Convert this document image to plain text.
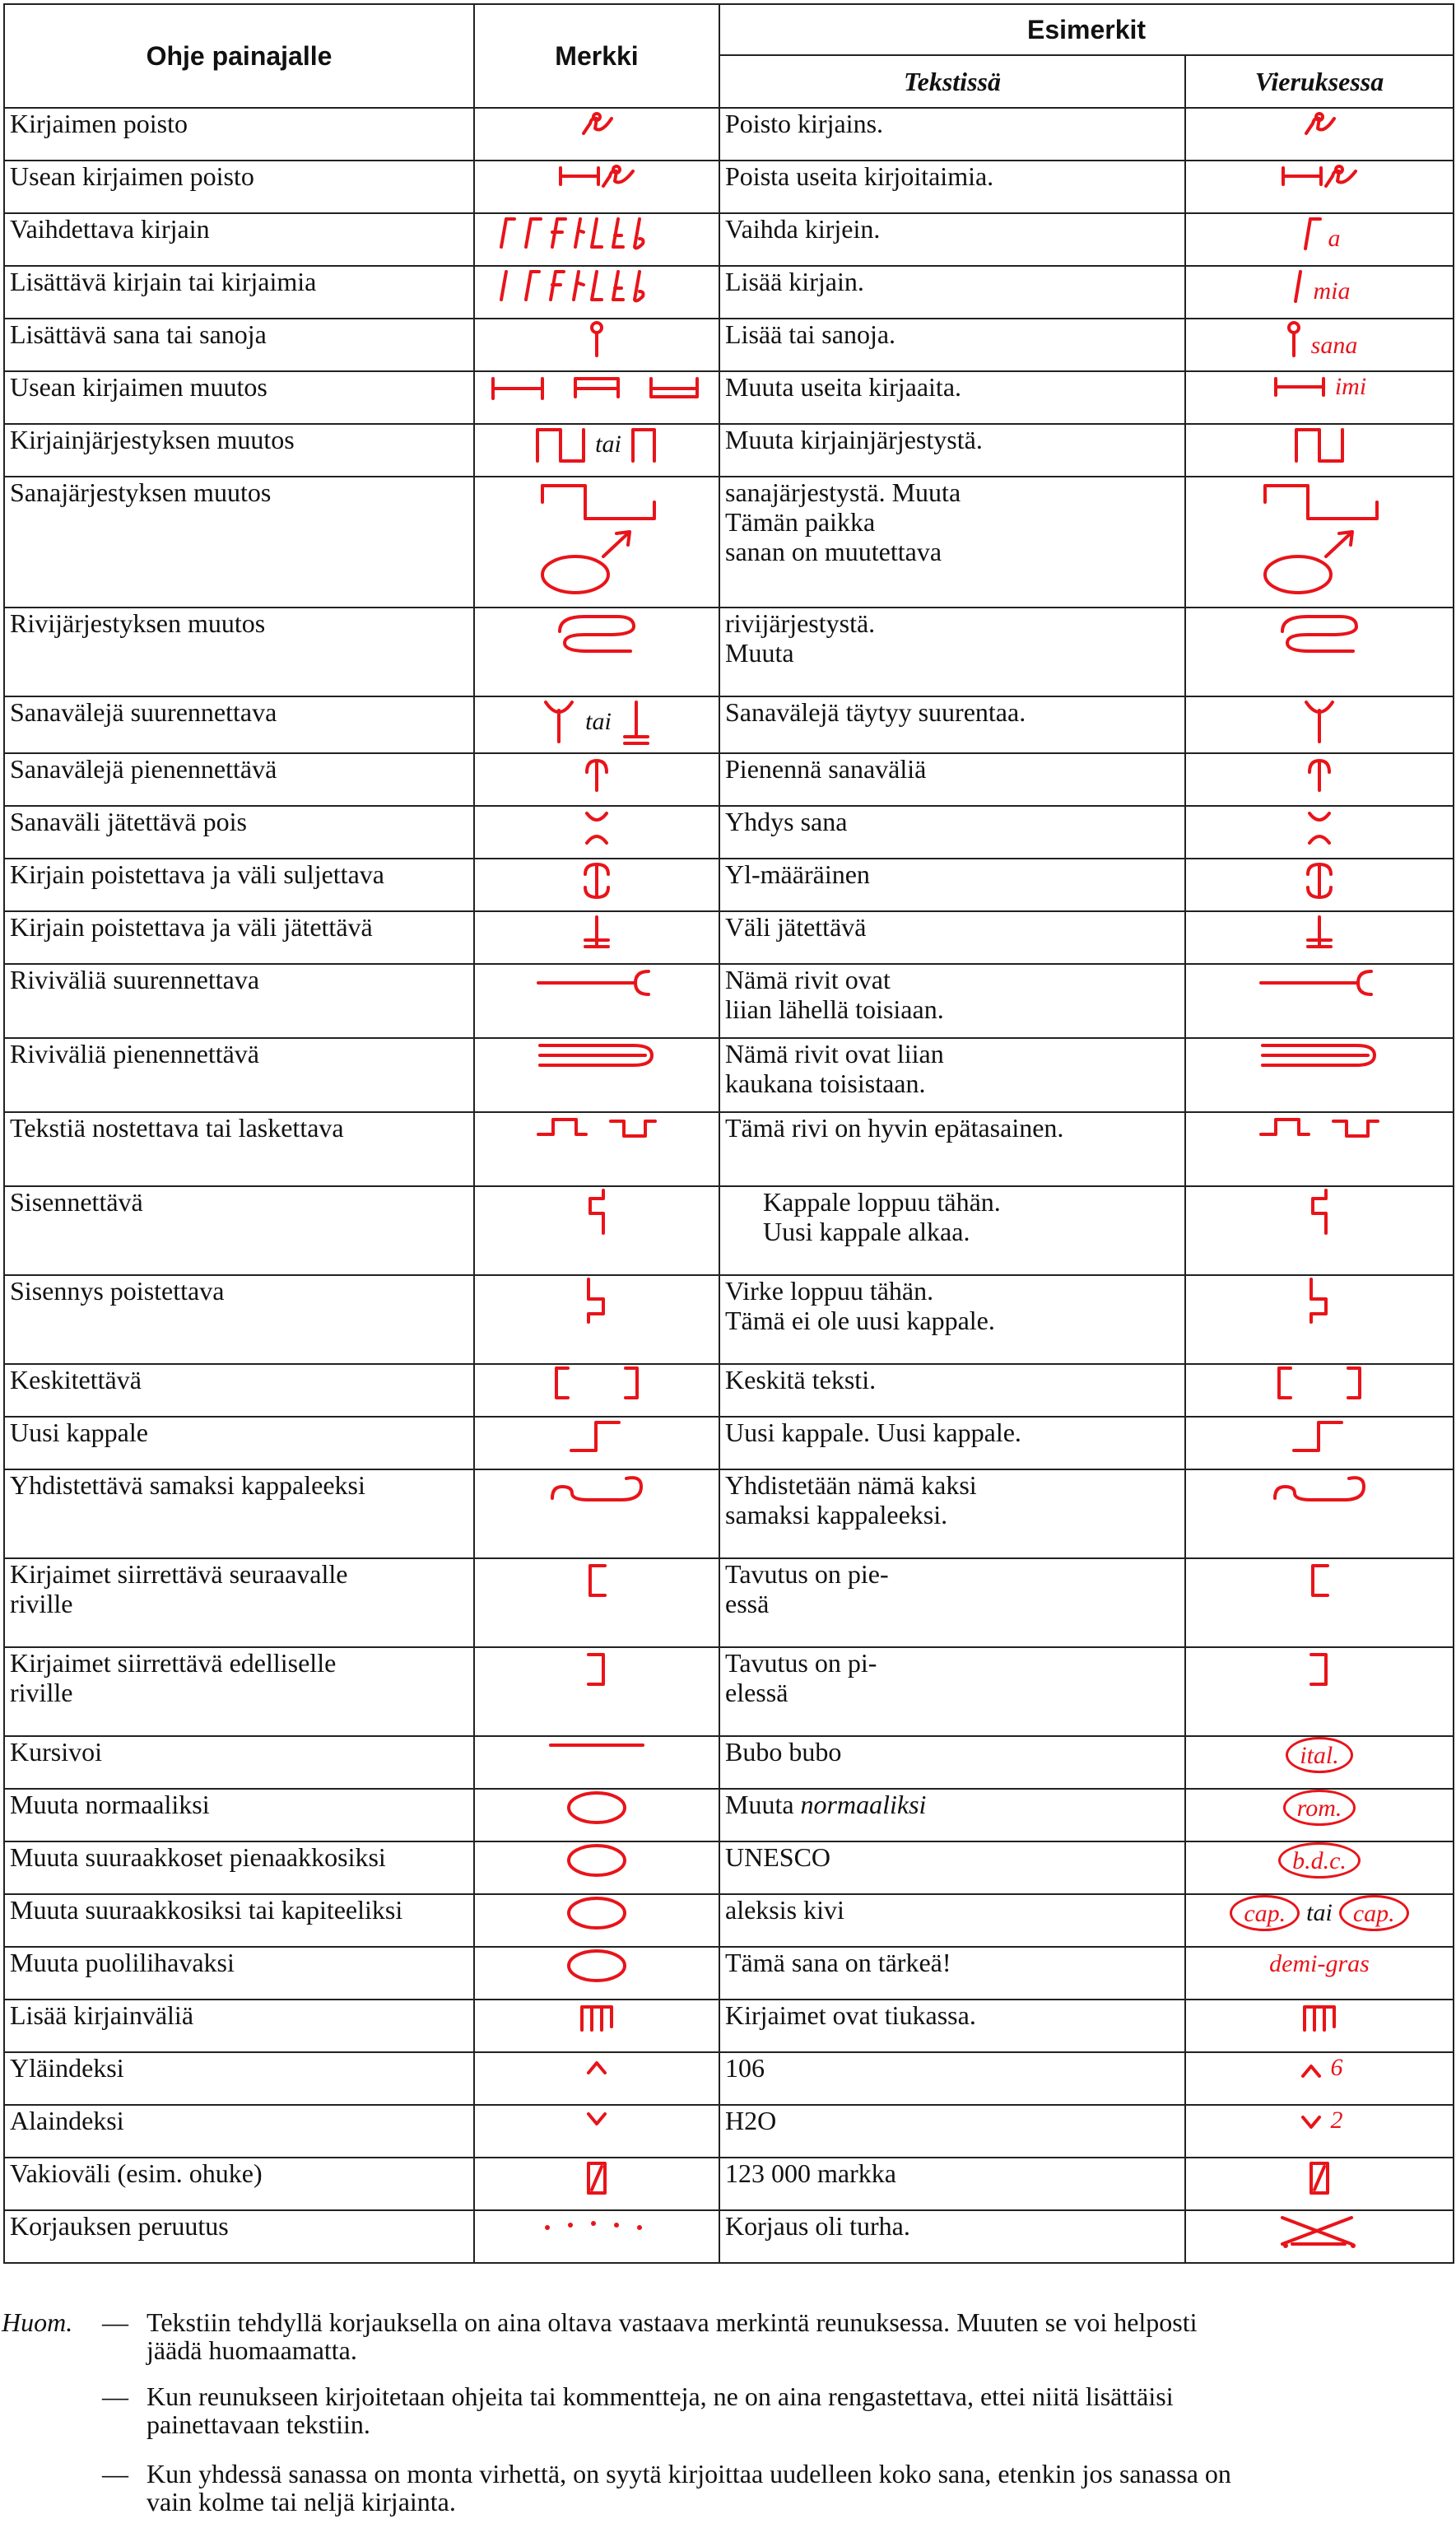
Ohje painajalle	Merkki	Esimerkit	
		Tekstissä	Vieruksessa
Kirjaimen poisto		Poisto kirjains.

Usean kirjaimen poisto		Poista useita kirjoitaimia.

Vaihdettava kirjain		Vaihda kirjein.	a

Lisättävä kirjain tai kirjaimia		Lisää kirjain.	mia

Lisättävä sana tai sanoja		Lisää tai sanoja.	sana

Usean kirjaimen muutos		Muuta useita kirjaaita.	imi

Kirjainjärjestyksen muutos	tai	Muuta kirjainjärjestystä.

Sanajärjestyksen muutos		sanajärjestystä. Muuta
Tämän paikka
sanan on muutettava

Rivijärjestyksen muutos		rivijärjestystä.
Muuta

Sanavälejä suurennettava	tai	Sanavälejä täytyy suurentaa.

Sanavälejä pienennettävä		Pienennä sanaväliä

Sanaväli jätettävä pois		Yhdys sana

Kirjain poistettava ja väli suljettava		Yl-määräinen

Kirjain poistettava ja väli jätettävä		Väli jätettävä

Riviväliä suurennettava		Nämä rivit ovat
liian lähellä toisiaan.

Riviväliä pienennettävä		Nämä rivit ovat liian
kaukana toisistaan.

Tekstiä nostettava tai laskettava		Tämä rivi on hyvin epätasainen.

Sisennettävä		Kappale loppuu tähän.
Uusi kappale alkaa.

Sisennys poistettava		Virke loppuu tähän.
Tämä ei ole uusi kappale.

Keskitettävä		Keskitä teksti.

Uusi kappale		Uusi kappale. Uusi kappale.

Yhdistettävä samaksi kappaleeksi		Yhdistetään nämä kaksi
samaksi kappaleeksi.

Kirjaimet siirrettävä seuraavalle
riville		Tavutus on pie-
essä

Kirjaimet siirrettävä edelliselle
riville		Tavutus on pi-
elessä

Kursivoi		Bubo bubo	ital.

Muuta normaaliksi		Muuta normaaliksi	rom.

Muuta suuraakkoset pienaakkosiksi		UNESCO	b.d.c.

Muuta suuraakkosiksi tai kapiteeliksi		aleksis kivi	cap. tai cap.

Muuta puolilihavaksi		Tämä sana on tärkeä!	demi-gras
Lisää kirjainväliä		Kirjaimet ovat tiukassa.

Yläindeksi		106	6

Alaindeksi		H2O	2

Vakioväli (esim. ohuke)		123 000 markka

Korjauksen peruutus		Korjaus oli turha.

Huom. — Tekstiin tehdyllä korjauksella on aina oltava vastaava merkintä reunuksessa. Muuten se voi helposti
jäädä huomaamatta.
— Kun reunukseen kirjoitetaan ohjeita tai kommentteja, ne on aina rengastettava, ettei niitä lisättäisi
painettavaan tekstiin.
— Kun yhdessä sanassa on monta virhettä, on syytä kirjoittaa uudelleen koko sana, etenkin jos sanassa on
vain kolme tai neljä kirjainta.
